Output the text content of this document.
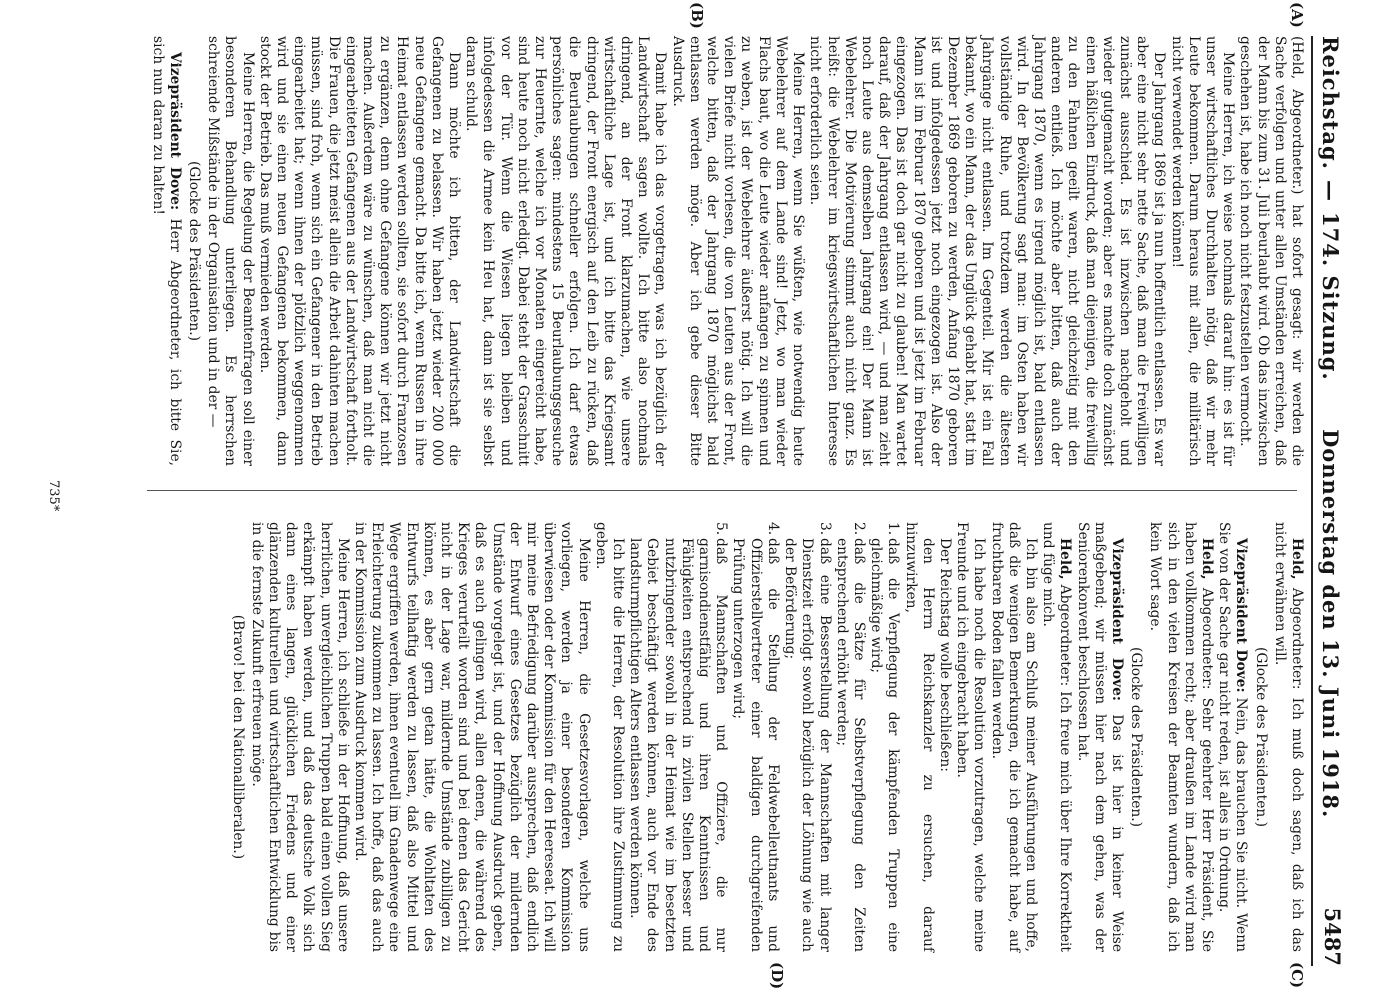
Reichstag.—174. Sitzung. Donnerstag den 13. Juni 1918.
5487
(A)
(B)

(Held, Abgeordneter.) hat sofort gesagt: wir werden die Sache verfolgen und unter allen Umständen erreichen, daß der Mann bis zum 31. Juli beurlaubt wird. Ob das inzwischen geschehen ist, habe ich noch nicht festzustellen vermocht.

Meine Herren, ich weise nochmals darauf hin: es ist für unser wirtschaftliches Durchhalten nötig, daß wir mehr Leute bekommen. Darum heraus mit allen, die militärisch nicht verwendet werden können!

Der Jahrgang 1869 ist ja nun hoffentlich entlassen. Es war aber eine nicht sehr nette Sache, daß man die Freiwilligen zunächst ausschied. Es ist inzwischen nachgeholt und wieder gutgemacht worden; aber es machte doch zunächst einen häßlichen Eindruck, daß man diejenigen, die freiwillig zu den Fahnen geeilt waren, nicht gleichzeitig mit den anderen entließ. Ich möchte aber bitten, daß auch der Jahrgang 1870, wenn es irgend möglich ist, bald entlassen wird. In der Bevölkerung sagt man: im Osten haben wir vollständige Ruhe, und trotzdem werden die ältesten Jahrgänge nicht entlassen. Im Gegenteil. Mir ist ein Fall bekannt, wo ein Mann, der das Unglück gehabt hat, statt im Dezember 1869 geboren zu werden, Anfang 1870 geboren ist und infolgedessen jetzt noch eingezogen ist. Also der Mann ist im Februar 1870 geboren und ist jetzt im Februar eingezogen. Das ist doch gar nicht zu glauben! Man wartet darauf, daß der Jahrgang entlassen wird, — und man zieht noch Leute aus demselben Jahrgang ein! Der Mann ist Webelehrer. Die Motivierung stimmt auch nicht ganz. Es heißt: die Webelehrer im kriegswirtschaftlichen Interesse nicht erforderlich seien.

Meine Herren, wenn Sie wüßten, wie notwendig heute Webelehrer auf dem Lande sind! Jetzt, wo man wieder Flachs baut, wo die Leute wieder anfangen zu spinnen und zu weben, ist der Webelehrer äußerst nötig. Ich will die vielen Briefe nicht vorlesen, die von Leuten aus der Front, welche bitten, daß der Jahrgang 1870 möglichst bald entlassen werden möge. Aber ich gebe dieser Bitte Ausdruck.

Damit habe ich das vorgetragen, was ich bezüglich der Landwirtschaft sagen wollte. Ich bitte also nochmals dringend, an der Front klarzumachen, wie unsere wirtschaftliche Lage ist, und ich bitte das Kriegsamt dringend, der Front energisch auf den Leib zu rücken, daß die Beurlaubungen schneller erfolgen. Ich darf etwas persönliches sagen: mindestens 15 Beurlaubungsgesuche zur Heuernte, welche ich vor Monaten eingereicht habe, sind heute noch nicht erledigt. Dabei steht der Grasschnitt vor der Tür. Wenn die Wiesen liegen bleiben und infolgedessen die Armee kein Heu hat, dann ist sie selbst daran schuld.

Dann möchte ich bitten, der Landwirtschaft die Gefangenen zu belassen. Wir haben jetzt wieder 200 000 neue Gefangene gemacht. Da bitte ich, wenn Russen in ihre Heimat entlassen werden sollten, sie sofort durch Franzosen zu ergänzen, denn ohne Gefangene können wir jetzt nicht machen. Außerdem wäre zu wünschen, daß man nicht die eingearbeiteten Gefangenen aus der Landwirtschaft fortholt. Die Frauen, die jetzt meist allein die Arbeit dahinten machen müssen, sind froh, wenn sich ein Gefangener in den Betrieb eingearbeitet hat; wenn ihnen der plötzlich weggenommen wird und sie einen neuen Gefangenen bekommen, dann stockt der Betrieb. Das muß vermieden werden.

Meine Herren, die Regelung der Beamtenfragen soll einer besonderen Behandlung unterliegen. Es herrschen schreiende Mißstände in der Organisation und in der —

(Glocke des Präsidenten.)

Vizepräsident Dove: Herr Abgeordneter, ich bitte Sie, sich nun daran zu halten!

(C)
(D)

Held, Abgeordneter: Ich muß doch sagen, daß ich das nicht erwähnen will.

(Glocke des Präsidenten.)

Vizepräsident Dove: Nein, das brauchen Sie nicht. Wenn Sie von der Sache gar nicht reden, ist alles in Ordnung.

Held, Abgeordneter: Sehr geehrter Herr Präsident, Sie haben vollkommen recht; aber draußen im Lande wird man sich in den vielen Kreisen der Beamten wundern, daß ich kein Wort sage.

(Glocke des Präsidenten.)

Vizepräsident Dove: Das ist hier in keiner Weise maßgebend; wir müssen hier nach dem gehen, was der Seniorenkonvent beschlossen hat.

Held, Abgeordneter: Ich freue mich über Ihre Korrektheit und füge mich.

Ich bin also am Schluß meiner Ausführungen und hoffe, daß die wenigen Bemerkungen, die ich gemacht habe, auf fruchtbaren Boden fallen werden.

Ich habe noch die Resolution vorzutragen, welche meine Freunde und ich eingebracht haben.

Der Reichstag wolle beschließen:

den Herrn Reichskanzler zu ersuchen, darauf hinzuwirken,

1.
daß die Verpflegung der kämpfenden Truppen eine gleichmäßige wird;

2.
daß die Sätze für Selbstverpflegung den Zeiten entsprechend erhöht werden;

3.
daß eine Besserstellung der Mannschaften mit langer Dienstzeit erfolgt sowohl bezüglich der Löhnung wie auch der Beförderung;

4.
daß die Stellung der Feldwebelleutnants und Offizierstellvertreter einer baldigen durchgreifenden Prüfung unterzogen wird;

5.
daß Mannschaften und Offiziere, die nur garnisondienstfähig und ihren Kenntnissen und Fähigkeiten entsprechend in zivilen Stellen besser und nutzbringender sowohl in der Heimat wie im besetzten Gebiet beschäftigt werden können, auch vor Ende des landsturmpflichtigen Alters entlassen werden können.

Ich bitte die Herren, der Resolution ihre Zustimmung zu geben.

Meine Herren, die Gesetzesvorlagen, welche uns vorliegen, werden ja einer besonderen Kommission überwiesen oder der Kommission für den Heereseat. Ich will mir meine Befriedigung darüber aussprechen, daß endlich der Entwurf eines Gesetzes bezüglich der mildernden Umstände vorgelegt ist, und der Hoffnung Ausdruck geben, daß es auch gelingen wird, allen denen, die während des Krieges verurteilt worden sind und bei denen das Gericht nicht in der Lage war, mildernde Umstände zubilligen zu können, es aber gern getan hätte, die Wohltaten des Entwurfs teilhaftig werden zu lassen, daß also Mittel und Wege ergriffen werden, ihnen eventuell im Gnadenwege eine Erleichterung zukommen zu lassen. Ich hoffe, daß das auch in der Kommission zum Ausdruck kommen wird.

Meine Herren, ich schließe in der Hoffnung, daß unsere herrlichen, unvergleichlichen Truppen bald einen vollen Sieg erkämpft haben werden, und daß das deutsche Volk sich dann eines langen, glücklichen Friedens und einer glänzenden kulturellen und wirtschaftlichen Entwicklung bis in die fernste Zukunft erfreuen möge.

(Bravo! bei den Nationalliberalen.)

735*
